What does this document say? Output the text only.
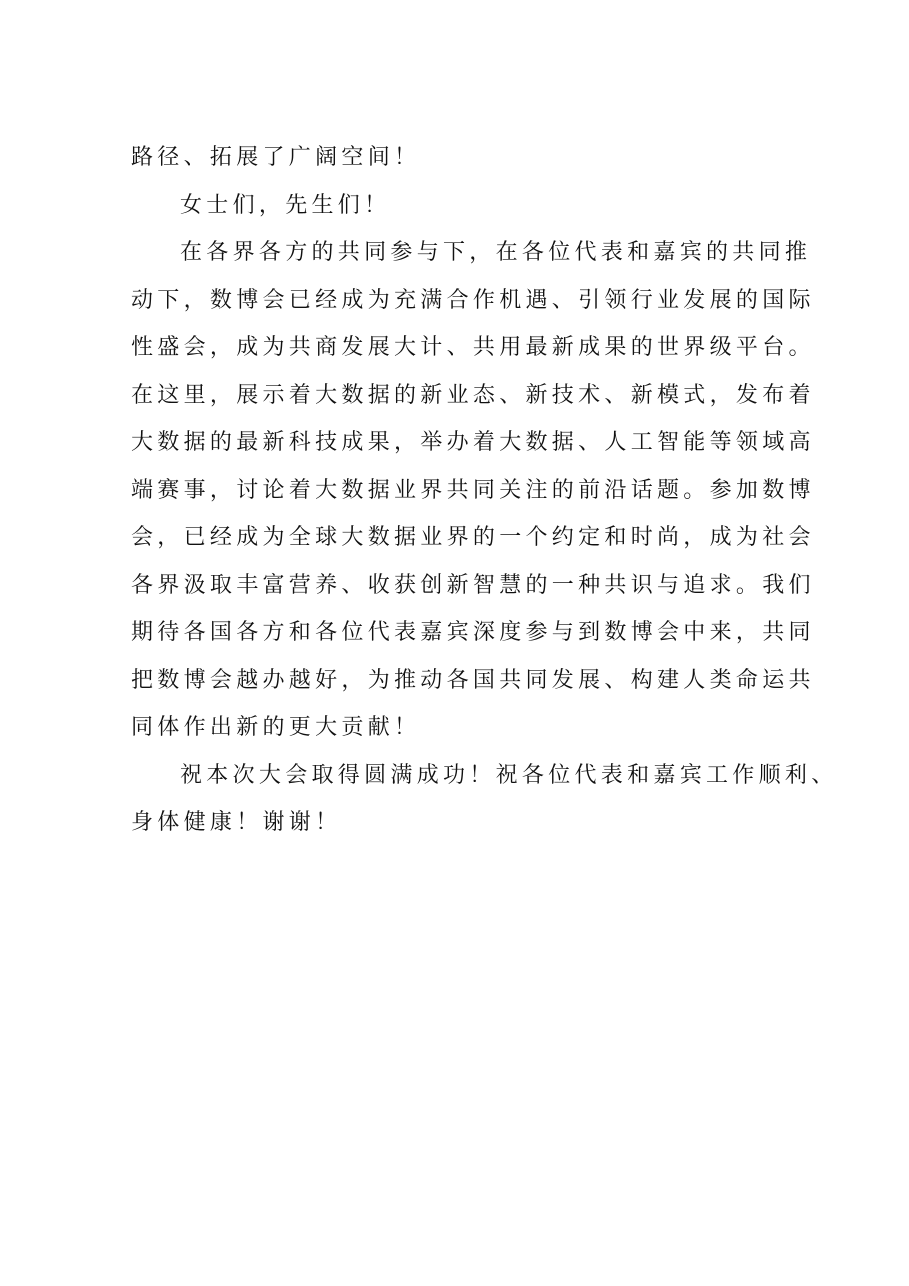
路径、拓展了广阔空间！
女士们，先生们！
在各界各方的共同参与下，在各位代表和嘉宾的共同推
动下，数博会已经成为充满合作机遇、引领行业发展的国际
性盛会，成为共商发展大计、共用最新成果的世界级平台。
在这里，展示着大数据的新业态、新技术、新模式，发布着
大数据的最新科技成果，举办着大数据、人工智能等领域高
端赛事，讨论着大数据业界共同关注的前沿话题。参加数博
会，已经成为全球大数据业界的一个约定和时尚，成为社会
各界汲取丰富营养、收获创新智慧的一种共识与追求。我们
期待各国各方和各位代表嘉宾深度参与到数博会中来，共同
把数博会越办越好，为推动各国共同发展、构建人类命运共
同体作出新的更大贡献！
祝本次大会取得圆满成功！祝各位代表和嘉宾工作顺利、
身体健康！谢谢！
